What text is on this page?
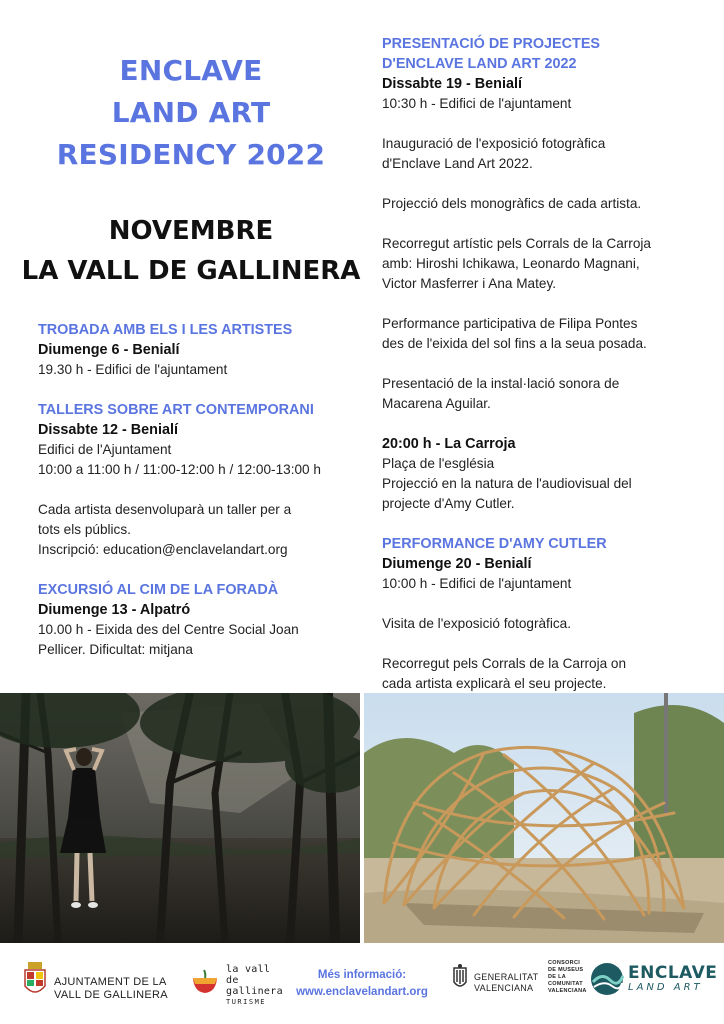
ENCLAVE
LAND ART
RESIDENCY 2022
NOVEMBRE
LA VALL DE GALLINERA
TROBADA AMB ELS I LES ARTISTES
Diumenge 6 - Benialí
19.30 h - Edifici de l'ajuntament
TALLERS SOBRE ART CONTEMPORANI
Dissabte 12 - Benialí
Edifici de l'Ajuntament
10:00 a 11:00 h / 11:00-12:00 h / 12:00-13:00 h
Cada artista desenvoluparà un taller per a
tots els públics.
Inscripció: education@enclavelandart.org
EXCURSIÓ AL CIM DE LA FORADÀ
Diumenge 13 - Alpatró
10.00 h - Eixida des del Centre Social Joan
Pellicer. Dificultat: mitjana
PRESENTACIÓ DE PROJECTES
D'ENCLAVE LAND ART 2022
Dissabte 19 - Benialí
10:30 h - Edifici de l'ajuntament
Inauguració de l'exposició fotogràfica
d'Enclave Land Art 2022.
Projecció dels monogràfics de cada artista.
Recorregut artístic pels Corrals de la Carroja
amb: Hiroshi Ichikawa, Leonardo Magnani,
Victor Masferrer i Ana Matey.
Performance participativa de Filipa Pontes
des de l'eixida del sol fins a la seua posada.
Presentació de la instal·lació sonora de
Macarena Aguilar.
20:00 h - La Carroja
Plaça de l'església
Projecció en la natura de l'audiovisual del
projecte d'Amy Cutler.
PERFORMANCE D'AMY CUTLER
Diumenge 20 - Benialí
10:00 h - Edifici de l'ajuntament
Visita de l'exposició fotogràfica.
Recorregut pels Corrals de la Carroja on
cada artista explicarà el seu projecte.
AJUNTAMENT DE LA
VALL DE GALLINERA
la vall de
gallinera
TURISME
Més informació:
www.enclavelandart.org
GENERALITAT
VALENCIANA
CONSORCI
DE MUSEUS
DE LA
COMUNITAT
VALENCIANA
ENCLAVE
LAND ART
